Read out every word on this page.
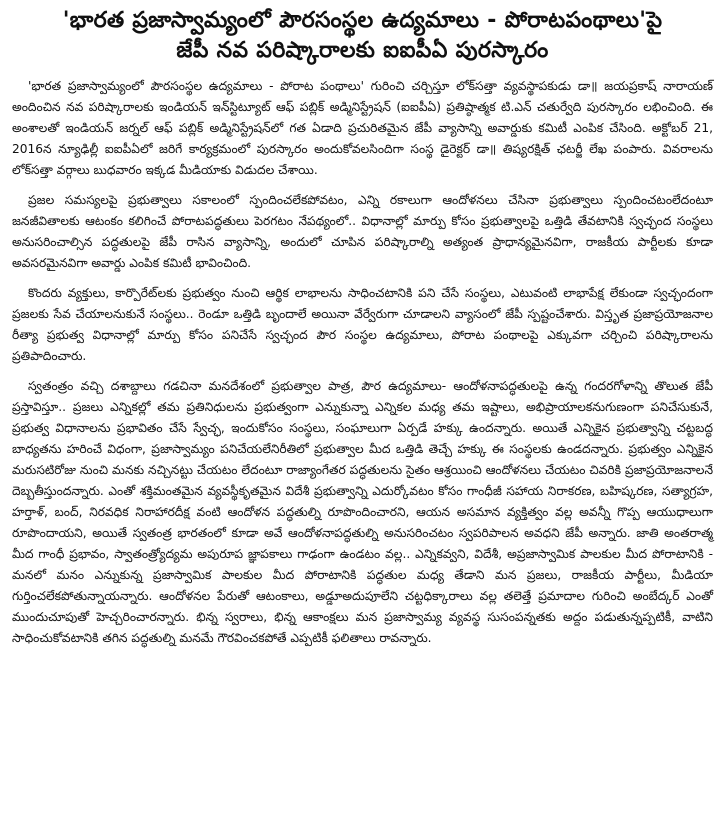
'భారత ప్రజాస్వామ్యంలో పౌరసంస్థల ఉద్యమాలు - పోరాటపంథాలు'పై
జేపీ నవ పరిష్కారాలకు ఐఐపీఏ పురస్కారం

'భారత ప్రజాస్వామ్యంలో పౌరసంస్థల ఉద్యమాలు - పోరాట పంథాలు' గురించి చర్చిస్తూ లోక్‌సత్తా వ్యవస్థాపకుడు డా॥ జయప్రకాష్ నారాయణ్ అందించిన నవ పరిష్కారాలకు ఇండియన్ ఇన్‌స్టిట్యూట్ ఆఫ్ పబ్లిక్ అడ్మినిస్ట్రేషన్ (ఐఐపీఏ) ప్రతిష్ఠాత్మక టి.ఎన్ చతుర్వేది పురస్కారం లభించింది. ఈ అంశాలతో ఇండియన్ జర్నల్ ఆఫ్ పబ్లిక్ అడ్మినిస్ట్రేషన్‌లో గత ఏడాది ప్రచురితమైన జేపీ వ్యాసాన్ని అవార్డుకు కమిటీ ఎంపిక చేసింది. అక్టోబర్ 21, 2016న న్యూఢిల్లీ ఐఐపీఏలో జరిగే కార్యక్రమంలో పురస్కారం అందుకోవలసిందిగా సంస్థ డైరెక్టర్ డా॥ తిష్యరక్షిత్ ఛటర్జీ లేఖ పంపారు. వివరాలను లోక్‌సత్తా వర్గాలు బుధవారం ఇక్కడ మీడియాకు విడుదల చేశాయి.

ప్రజల సమస్యలపై ప్రభుత్వాలు సకాలంలో స్పందించలేకపోవటం, ఎన్ని రకాలుగా ఆందోళనలు చేసినా ప్రభుత్వాలు స్పందించటంలేదంటూ జనజీవితాలకు ఆటంకం కలిగించే పోరాటపద్ధతులు పెరగటం నేపథ్యంలో.. విధానాల్లో మార్పు కోసం ప్రభుత్వాలపై ఒత్తిడి తేవటానికి స్వచ్ఛంద సంస్థలు అనుసరించాల్సిన పద్ధతులపై జేపీ రాసిన వ్యాసాన్ని, అందులో చూపిన పరిష్కారాల్ని అత్యంత ప్రాధాన్యమైనవిగా, రాజకీయ పార్టీలకు కూడా అవసరమైనవిగా అవార్డు ఎంపిక కమిటీ భావించింది.

కొందరు వ్యక్తులు, కార్పొరేట్‌లకు ప్రభుత్వం నుంచి ఆర్థిక లాభాలను సాధించటానికి పని చేసే సంస్థలు, ఎటువంటి లాభాపేక్ష లేకుండా స్వచ్ఛందంగా ప్రజలకు సేవ చేయాలనుకునే సంస్థలు.. రెండూ ఒత్తిడి బృందాలే అయినా వేర్వేరుగా చూడాలని వ్యాసంలో జేపీ స్పష్టంచేశారు. విస్తృత ప్రజాప్రయోజనాల రీత్యా ప్రభుత్వ విధానాల్లో మార్పు కోసం పనిచేసే స్వచ్ఛంద పౌర సంస్థల ఉద్యమాలు, పోరాట పంథాలపై ఎక్కువగా చర్చించి పరిష్కారాలను ప్రతిపాదించారు.

స్వతంత్రం వచ్చి దశాబ్దాలు గడచినా మనదేశంలో ప్రభుత్వాల పాత్ర, పౌర ఉద్యమాలు- ఆందోళనాపద్ధతులపై ఉన్న గందరగోళాన్ని తొలుత జేపీ ప్రస్తావిస్తూ.. ప్రజలు ఎన్నికల్లో తమ ప్రతినిధులను ప్రభుత్వంగా ఎన్నుకున్నా ఎన్నికల మధ్య తమ ఇష్టాలు, అభిప్రాయాలకనుగుణంగా పనిచేసుకునే, ప్రభుత్వ విధానాలను ప్రభావితం చేసే స్వేచ్ఛ, ఇందుకోసం సంస్థలు, సంఘాలుగా ఏర్పడే హక్కు ఉందన్నారు. అయితే ఎన్నికైన ప్రభుత్వాన్ని చట్టబద్ధ బాధ్యతను హరించే విధంగా, ప్రజాస్వామ్యం పనిచేయలేనిరీతిలో ప్రభుత్వాల మీద ఒత్తిడి తెచ్చే హక్కు ఈ సంస్థలకు ఉండదన్నారు. ప్రభుత్వం ఎన్నికైన మరుసటిరోజు నుంచి మనకు నచ్చినట్టు చేయటం లేదంటూ రాజ్యాంగేతర పద్ధతులను సైతం ఆశ్రయించి ఆందోళనలు చేయటం చివరికి ప్రజాప్రయోజనాలనే దెబ్బతీస్తుందన్నారు. ఎంతో శక్తిమంతమైన వ్యవస్థీకృతమైన విదేశీ ప్రభుత్వాన్ని ఎదుర్కోవటం కోసం గాంధీజీ సహాయ నిరాకరణ, బహిష్కరణ, సత్యాగ్రహ, హర్తాళ్, బంద్, నిరవధిక నిరాహారదీక్ష వంటి ఆందోళన పద్ధతుల్ని రూపొందించారని, ఆయన అసమాన వ్యక్తిత్వం వల్ల అవన్నీ గొప్ప ఆయుధాలుగా రూపొందాయని, అయితే స్వతంత్ర భారతంలో కూడా అవే ఆందోళనాపద్ధతుల్ని అనుసరించటం స్వపరిపాలన అవధని జేపీ అన్నారు. జాతి అంతరాత్మ మీద గాంధీ ప్రభావం, స్వాతంత్ర్యోద్యమ అపురూప జ్ఞాపకాలు గాఢంగా ఉండటం వల్ల.. ఎన్నికవ్వని, విదేశీ, అప్రజాస్వామిక పాలకుల మీద పోరాటానికి - మనలో మనం ఎన్నుకున్న ప్రజాస్వామిక పాలకుల మీద పోరాటానికి పద్ధతుల మధ్య తేడాని మన ప్రజలు, రాజకీయ పార్టీలు, మీడియా గుర్తించలేకపోతున్నాయన్నారు. ఆందోళనల పేరుతో ఆటంకాలు, అడ్డూఅదుపూలేని చట్టధిక్కారాలు వల్ల తలెత్తే ప్రమాదాల గురించి అంబేద్కర్ ఎంతో ముందుచూపుతో హెచ్చరించారన్నారు. భిన్న స్వరాలు, భిన్న ఆకాంక్షలు మన ప్రజాస్వామ్య వ్యవస్థ సుసంపన్నతకు అద్దం పడుతున్నప్పటికీ, వాటిని సాధించుకోవటానికి తగిన పద్ధతుల్ని మనమే గౌరవించకపోతే ఎప్పటికీ ఫలితాలు రావన్నారు.
